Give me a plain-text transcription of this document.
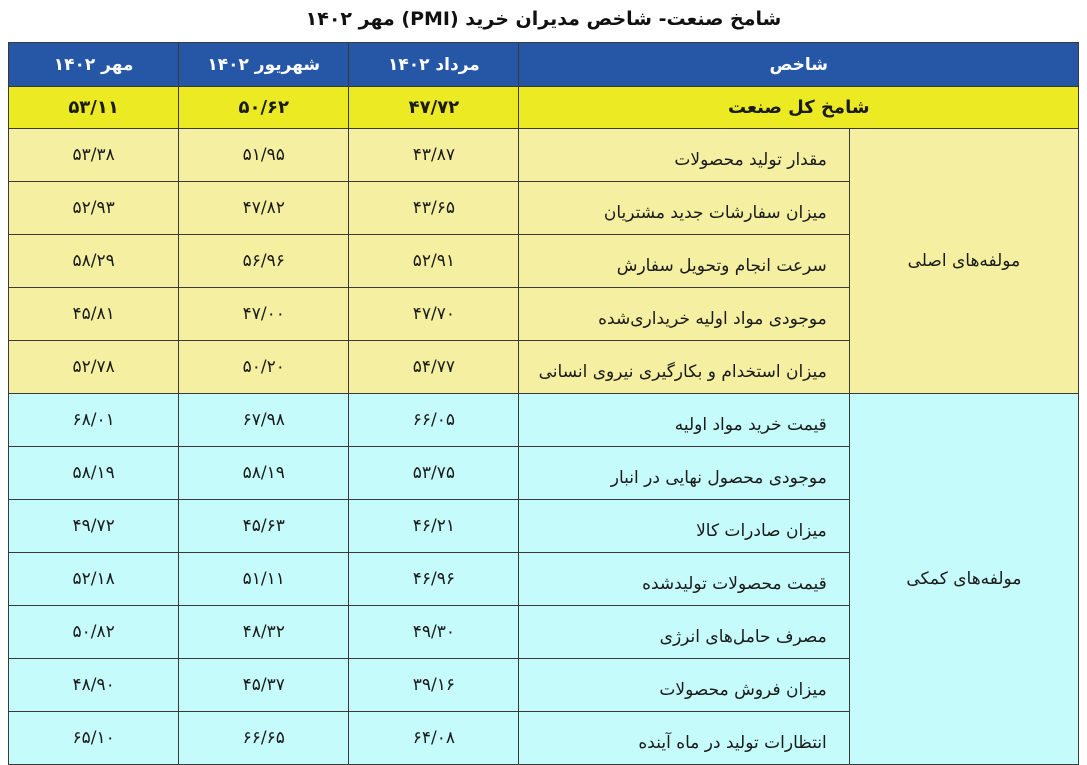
شامخ صنعت- شاخص مدیران خرید (PMI) مهر ۱۴۰۲
شاخص		مرداد ۱۴۰۲	شهریور ۱۴۰۲	مهر ۱۴۰۲
شامخ کل صنعت		۴۷/۷۲	۵۰/۶۲	۵۳/۱۱
مولفه‌های اصلی	مقدار تولید محصولات	۴۳/۸۷	۵۱/۹۵	۵۳/۳۸
	میزان سفارشات جدید مشتریان	۴۳/۶۵	۴۷/۸۲	۵۲/۹۳
	سرعت انجام وتحویل سفارش	۵۲/۹۱	۵۶/۹۶	۵۸/۲۹
	موجودی مواد اولیه خریداری‌شده	۴۷/۷۰	۴۷/۰۰	۴۵/۸۱
	میزان استخدام و بکارگیری نیروی انسانی	۵۴/۷۷	۵۰/۲۰	۵۲/۷۸
مولفه‌های کمکی	قیمت خرید مواد اولیه	۶۶/۰۵	۶۷/۹۸	۶۸/۰۱
	موجودی محصول نهایی در انبار	۵۳/۷۵	۵۸/۱۹	۵۸/۱۹
	میزان صادرات کالا	۴۶/۲۱	۴۵/۶۳	۴۹/۷۲
	قیمت محصولات تولیدشده	۴۶/۹۶	۵۱/۱۱	۵۲/۱۸
	مصرف حامل‌های انرژی	۴۹/۳۰	۴۸/۳۲	۵۰/۸۲
	میزان فروش محصولات	۳۹/۱۶	۴۵/۳۷	۴۸/۹۰
	انتظارات تولید در ماه آینده	۶۴/۰۸	۶۶/۶۵	۶۵/۱۰
